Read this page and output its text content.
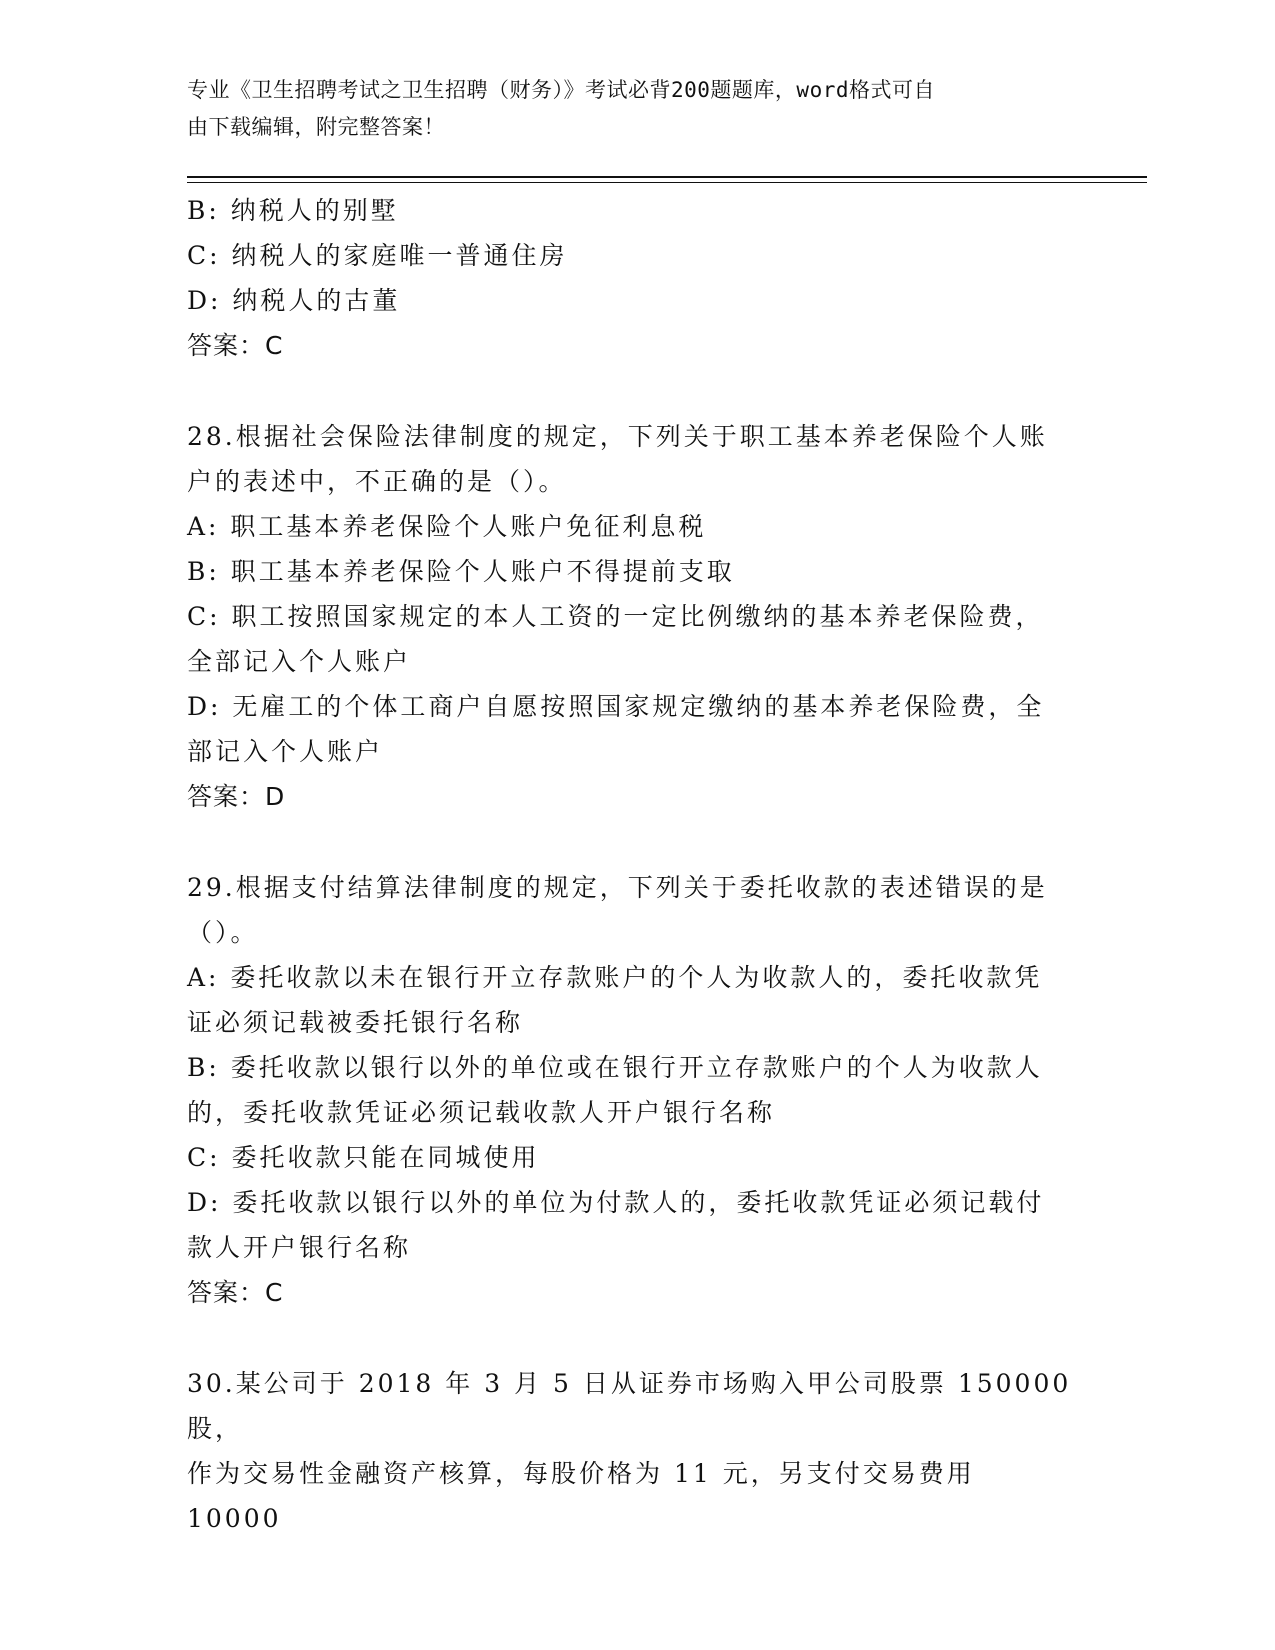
专业《卫生招聘考试之卫生招聘（财务）》考试必背200题题库，word格式可自
由下载编辑，附完整答案！

B: 纳税人的别墅

C: 纳税人的家庭唯一普通住房

D: 纳税人的古董

答案：C

28.根据社会保险法律制度的规定，下列关于职工基本养老保险个人账

户的表述中，不正确的是（）。

A: 职工基本养老保险个人账户免征利息税

B: 职工基本养老保险个人账户不得提前支取

C: 职工按照国家规定的本人工资的一定比例缴纳的基本养老保险费，

全部记入个人账户

D: 无雇工的个体工商户自愿按照国家规定缴纳的基本养老保险费，全

部记入个人账户

答案：D

29.根据支付结算法律制度的规定，下列关于委托收款的表述错误的是

（）。

A: 委托收款以未在银行开立存款账户的个人为收款人的，委托收款凭

证必须记载被委托银行名称

B: 委托收款以银行以外的单位或在银行开立存款账户的个人为收款人

的，委托收款凭证必须记载收款人开户银行名称

C: 委托收款只能在同城使用

D: 委托收款以银行以外的单位为付款人的，委托收款凭证必须记载付

款人开户银行名称

答案：C

30.某公司于 2018 年 3 月 5 日从证券市场购入甲公司股票 150000 股，

作为交易性金融资产核算，每股价格为 11 元，另支付交易费用 10000
